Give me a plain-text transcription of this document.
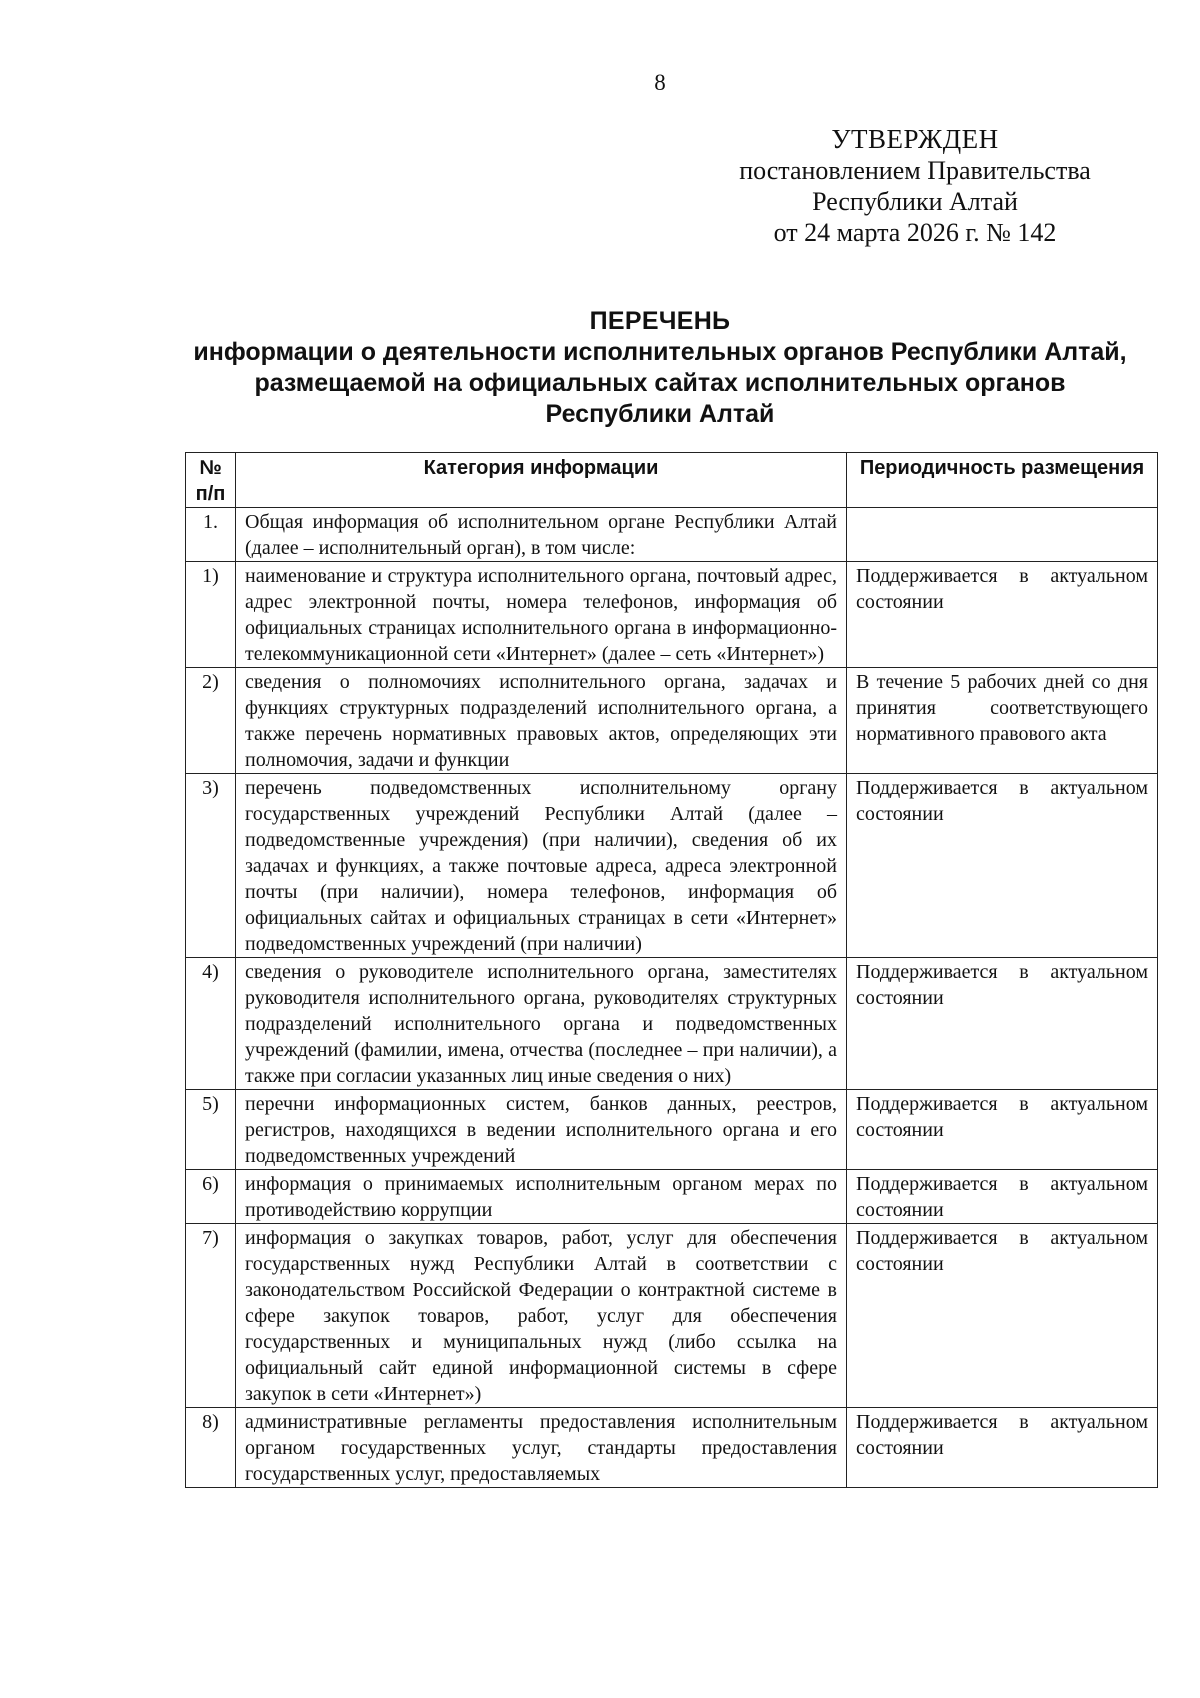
8
УТВЕРЖДЕН
постановлением Правительства
Республики Алтай
от 24 марта 2026 г. № 142
ПЕРЕЧЕНЬ
информации о деятельности исполнительных органов Республики Алтай,
размещаемой на официальных сайтах исполнительных органов
Республики Алтай
№ п/п	Категория информации	Периодичность размещения
1.	Общая информация об исполнительном органе Республики Алтай (далее – исполнительный орган), в том числе:	
1)	наименование и структура исполнительного органа, почтовый адрес, адрес электронной почты, номера телефонов, информация об официальных страницах исполнительного органа в информационно-телекоммуникационной сети «Интернет» (далее – сеть «Интернет»)	Поддерживается в актуальном состоянии
2)	сведения о полномочиях исполнительного органа, задачах и функциях структурных подразделений исполнительного органа, а также перечень нормативных правовых актов, определяющих эти полномочия, задачи и функции	В течение 5 рабочих дней со дня принятия соответствующего нормативного правового акта
3)	перечень подведомственных исполнительному органу государственных учреждений Республики Алтай (далее – подведомственные учреждения) (при наличии), сведения об их задачах и функциях, а также почтовые адреса, адреса электронной почты (при наличии), номера телефонов, информация об официальных сайтах и официальных страницах в сети «Интернет» подведомственных учреждений (при наличии)	Поддерживается в актуальном состоянии
4)	сведения о руководителе исполнительного органа, заместителях руководителя исполнительного органа, руководителях структурных подразделений исполнительного органа и подведомственных учреждений (фамилии, имена, отчества (последнее – при наличии), а также при согласии указанных лиц иные сведения о них)	Поддерживается в актуальном состоянии
5)	перечни информационных систем, банков данных, реестров, регистров, находящихся в ведении исполнительного органа и его подведомственных учреждений	Поддерживается в актуальном состоянии
6)	информация о принимаемых исполнительным органом мерах по противодействию коррупции	Поддерживается в актуальном состоянии
7)	информация о закупках товаров, работ, услуг для обеспечения государственных нужд Республики Алтай в соответствии с законодательством Российской Федерации о контрактной системе в сфере закупок товаров, работ, услуг для обеспечения государственных и муниципальных нужд (либо ссылка на официальный сайт единой информационной системы в сфере закупок в сети «Интернет»)	Поддерживается в актуальном состоянии
8)	административные регламенты предоставления исполнительным органом государственных услуг, стандарты предоставления государственных услуг, предоставляемых	Поддерживается в актуальном состоянии
